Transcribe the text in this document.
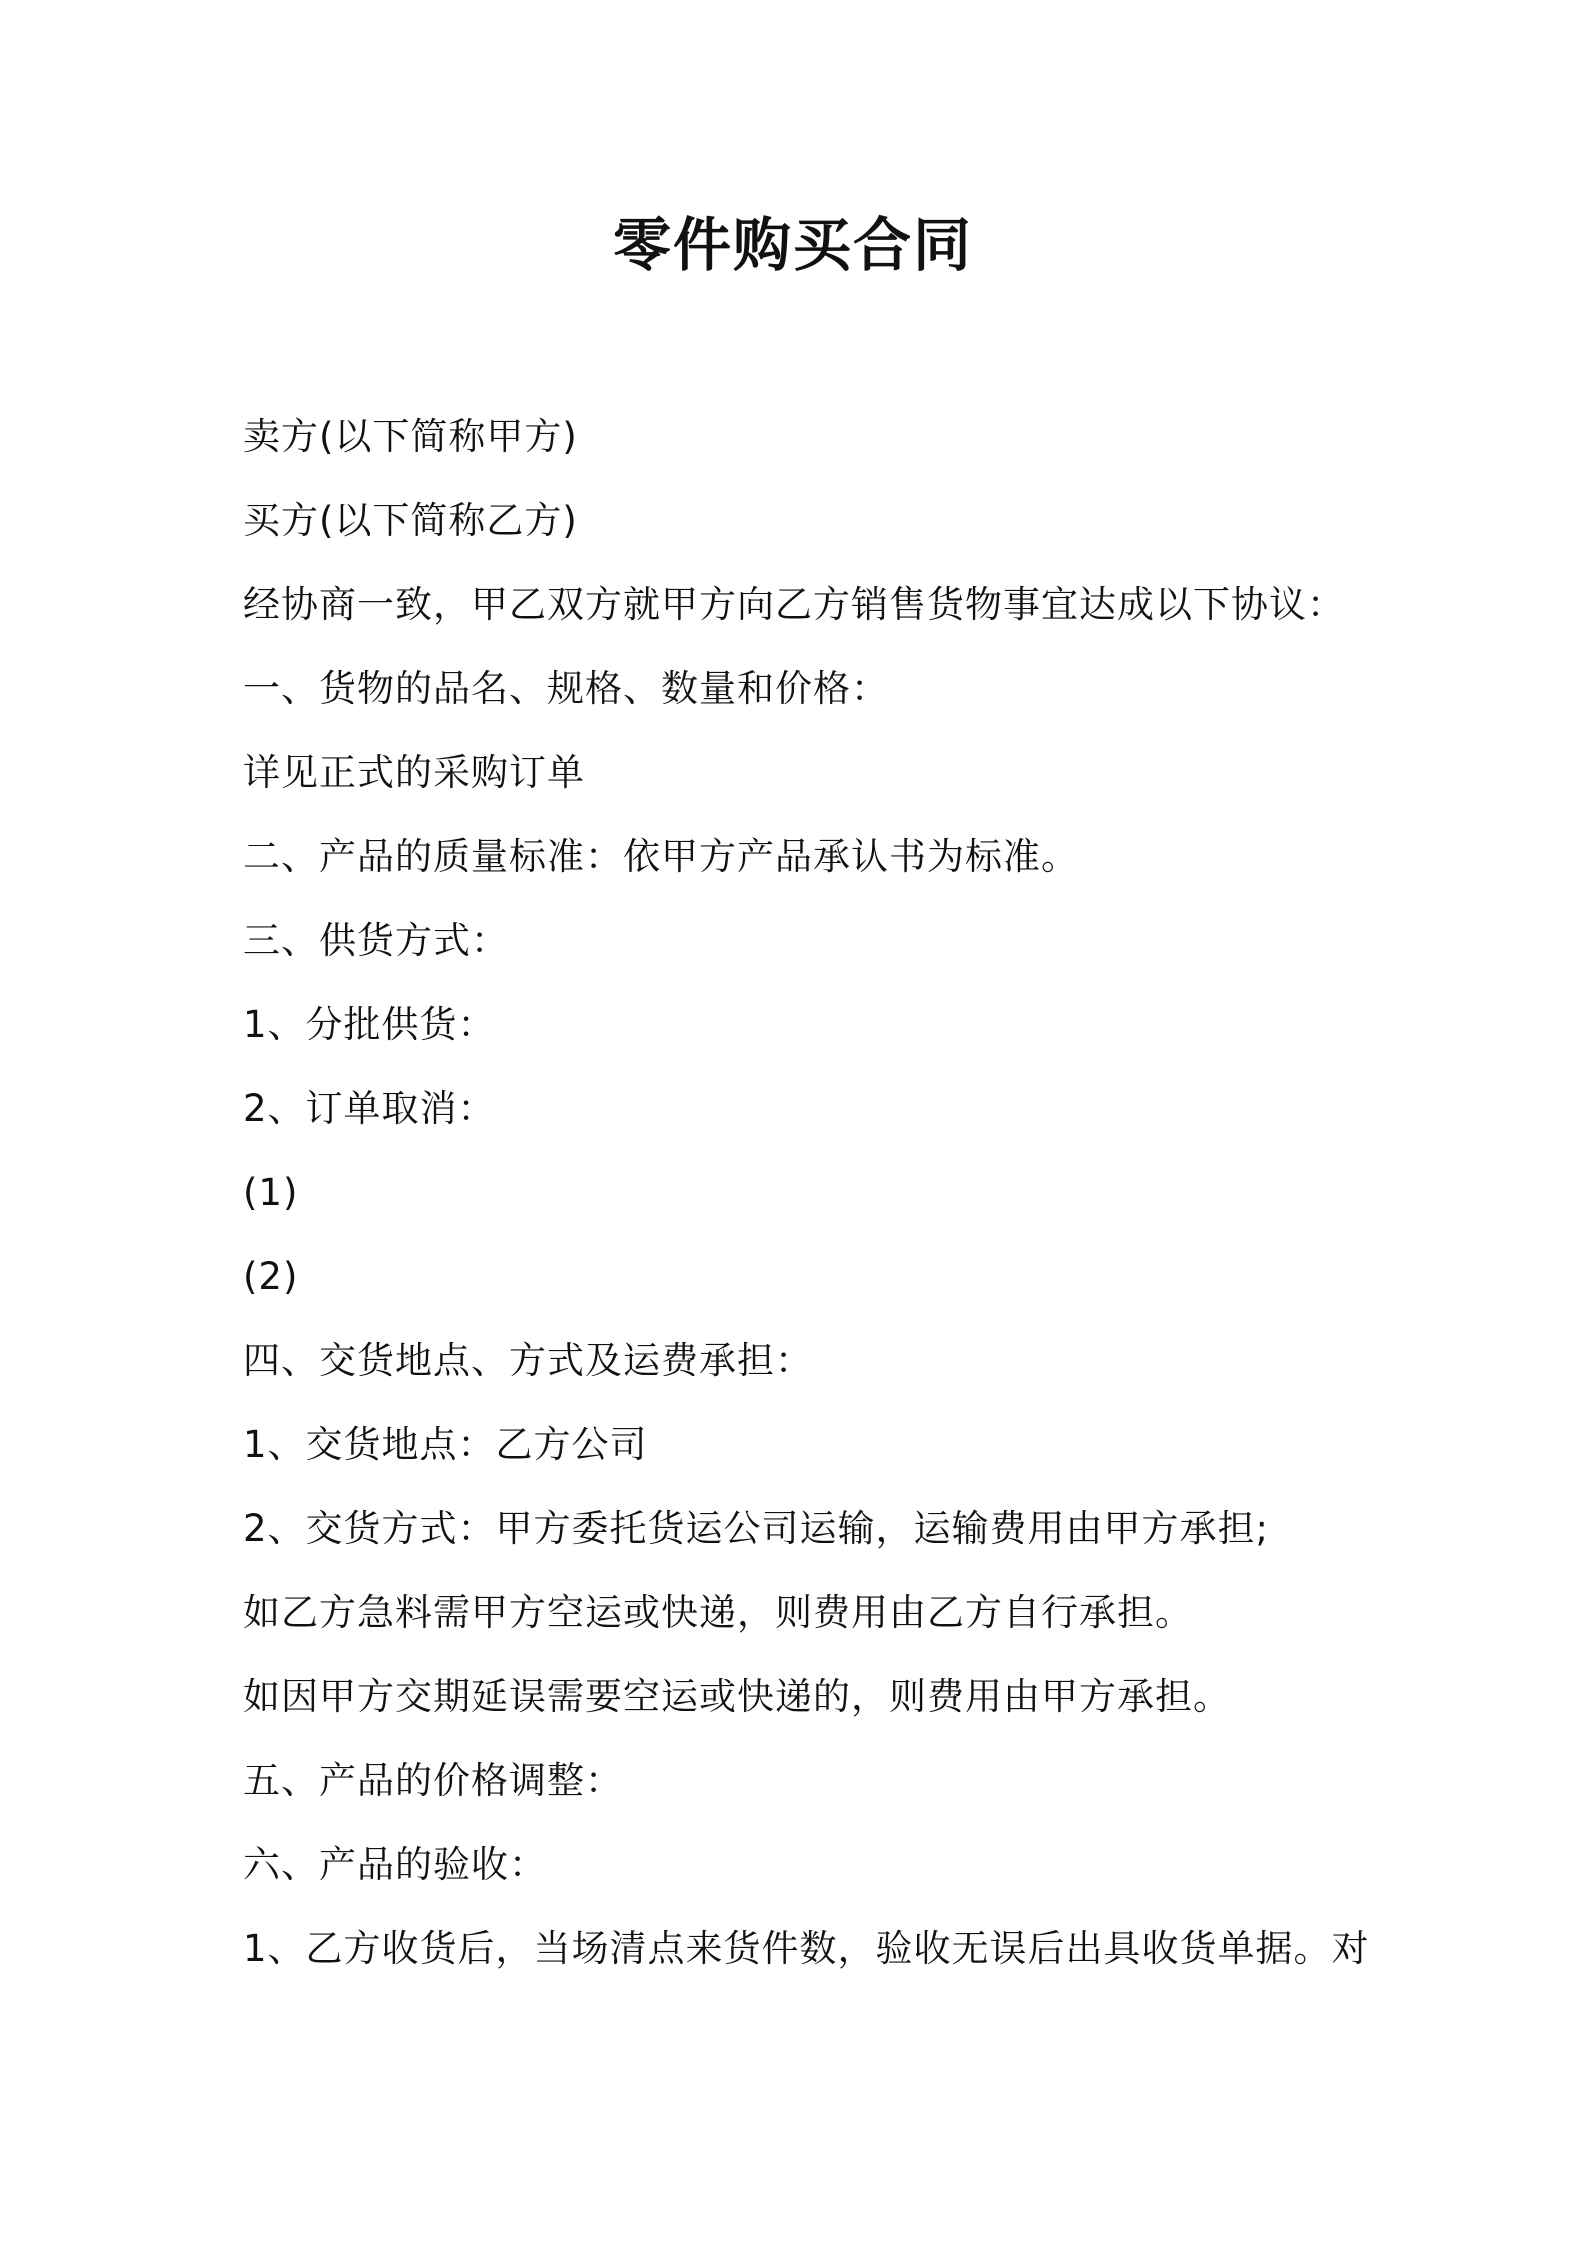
零件购买合同
卖方(以下简称甲方)
买方(以下简称乙方)
经协商一致，甲乙双方就甲方向乙方销售货物事宜达成以下协议：
一、货物的品名、规格、数量和价格：
详见正式的采购订单
二、产品的质量标准：依甲方产品承认书为标准。
三、供货方式：
1、分批供货：
2、订单取消：
(1)
(2)
四、交货地点、方式及运费承担：
1、交货地点：乙方公司
2、交货方式：甲方委托货运公司运输，运输费用由甲方承担;
如乙方急料需甲方空运或快递，则费用由乙方自行承担。
如因甲方交期延误需要空运或快递的，则费用由甲方承担。
五、产品的价格调整：
六、产品的验收：
1、乙方收货后，当场清点来货件数，验收无误后出具收货单据。对
